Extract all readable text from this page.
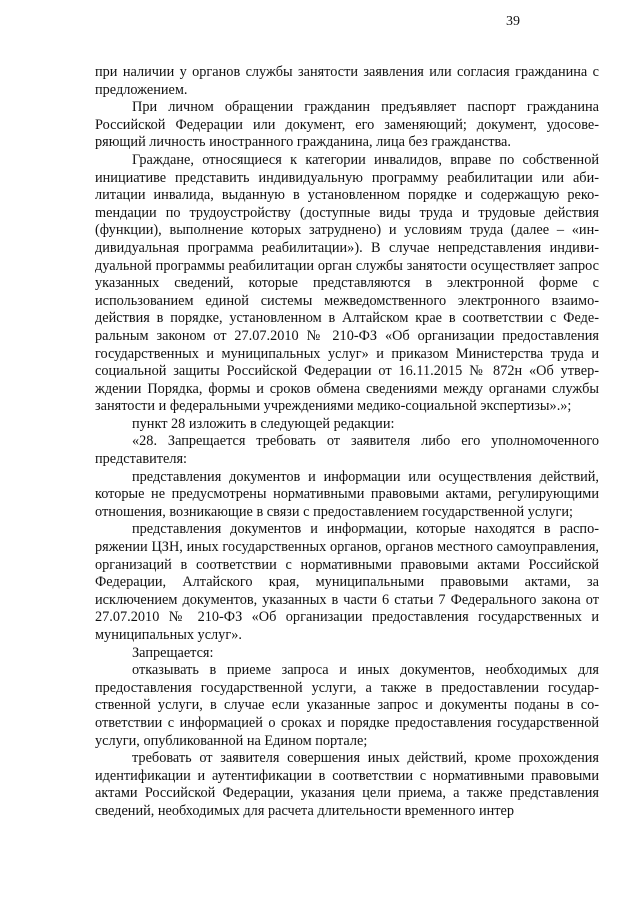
39

при наличии у органов службы занятости заявления или согласия гражданина с предложением.

При личном обращении гражданин предъявляет паспорт гражданина Российской Федерации или документ, его заменяющий; документ, удосоверяющий личность иностранного гражданина, лица без гражданства.

Граждане, относящиеся к категории инвалидов, вправе по собственной инициативе представить индивидуальную программу реабилитации или абилитации инвалида, выданную в установленном порядке и содержащую рекоmендации по трудоустройству (доступные виды труда и трудовые действия (функции), выполнение которых затруднено) и условиям труда (далее – «индивидуальная программа реабилитации»). В случае непредставления индивидуальной программы реабилитации орган службы занятости осуществляет запрос указанных сведений, которые представляются в электронной форме с использованием единой системы межведомственного электронного взаимодействия в порядке, установленном в Алтайском крае в соответствии с Федеральным законом от 27.07.2010 № 210-ФЗ «Об организации предоставления государственных и муниципальных услуг» и приказом Министерства труда и социальной защиты Российской Федерации от 16.11.2015 № 872н «Об утверждении Порядка, формы и сроков обмена сведениями между органами службы занятости и федеральными учреждениями медико-социальной экспертизы».»;

пункт 28 изложить в следующей редакции:

«28. Запрещается требовать от заявителя либо его уполномоченного представителя:

представления документов и информации или осуществления действий, которые не предусмотрены нормативными правовыми актами, регулирующими отношения, возникающие в связи с предоставлением государственной услуги;

представления документов и информации, которые находятся в распоряжении ЦЗН, иных государственных органов, органов местного самоуправления, организаций в соответствии с нормативными правовыми актами Российской Федерации, Алтайского края, муниципальными правовыми актами, за исключением документов, указанных в части 6 статьи 7 Федерального закона от 27.07.2010 № 210-ФЗ «Об организации предоставления государственных и муниципальных услуг».

Запрещается:

отказывать в приеме запроса и иных документов, необходимых для предоставления государственной услуги, а также в предоставлении государственной услуги, в случае если указанные запрос и документы поданы в соответствии с информацией о сроках и порядке предоставления государственной услуги, опубликованной на Едином портале;

требовать от заявителя совершения иных действий, кроме прохождения идентификации и аутентификации в соответствии с нормативными правовыми актами Российской Федерации, указания цели приема, а также представления сведений, необходимых для расчета длительности временного интер
